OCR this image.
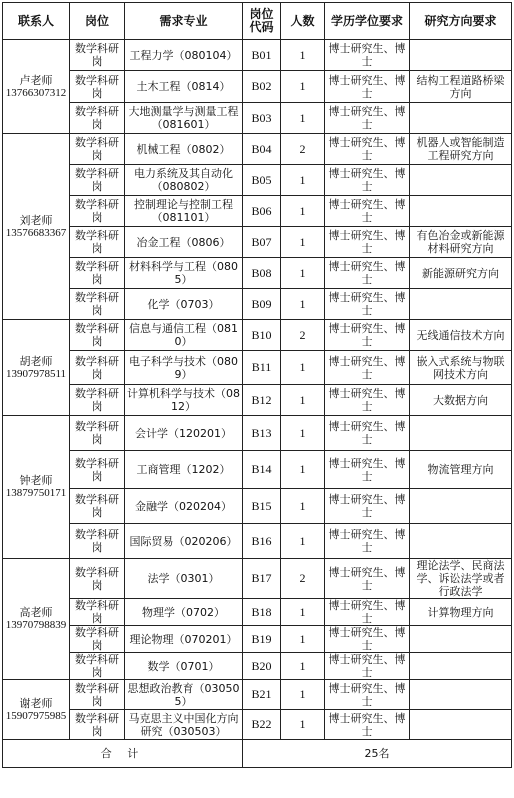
联系人	岗位	需求专业	岗位代码	人数	学历学位要求	研究方向要求

卢老师
13766307312	数学科研岗	工程力学（080104）	B01	1	博士研究生、博士	
	数学科研岗	土木工程（0814）	B02	1	博士研究生、博士	结构工程道路桥梁方向
	数学科研岗	大地测量学与测量工程（081601）	B03	1	博士研究生、博士	

刘老师
13576683367	数学科研岗	机械工程（0802）	B04	2	博士研究生、博士	机器人或智能制造工程研究方向
	数学科研岗	电力系统及其自动化（080802）	B05	1	博士研究生、博士	
	数学科研岗	控制理论与控制工程（081101）	B06	1	博士研究生、博士	
	数学科研岗	冶金工程（0806）	B07	1	博士研究生、博士	有色冶金或新能源材料研究方向
	数学科研岗	材料科学与工程（0805）	B08	1	博士研究生、博士	新能源研究方向
	数学科研岗	化学（0703）	B09	1	博士研究生、博士	

胡老师
13907978511	数学科研岗	信息与通信工程（0810）	B10	2	博士研究生、博士	无线通信技术方向
	数学科研岗	电子科学与技术（0809）	B11	1	博士研究生、博士	嵌入式系统与物联网技术方向
	数学科研岗	计算机科学与技术（0812）	B12	1	博士研究生、博士	大数据方向

钟老师
13879750171	数学科研岗	会计学（120201）	B13	1	博士研究生、博士	
	数学科研岗	工商管理（1202）	B14	1	博士研究生、博士	物流管理方向
	数学科研岗	金融学（020204）	B15	1	博士研究生、博士	
	数学科研岗	国际贸易（020206）	B16	1	博士研究生、博士	

高老师
13970798839	数学科研岗	法学（0301）	B17	2	博士研究生、博士	理论法学、民商法学、诉讼法学或者行政法学
	数学科研岗	物理学（0702）	B18	1	博士研究生、博士	计算物理方向
	数学科研岗	理论物理（070201）	B19	1	博士研究生、博士	
	数学科研岗	数学（0701）	B20	1	博士研究生、博士	

谢老师
15907975985	数学科研岗	思想政治教育（030505）	B21	1	博士研究生、博士	
	数学科研岗	马克思主义中国化方向研究（030503）	B22	1	博士研究生、博士	
合 计			25名			
